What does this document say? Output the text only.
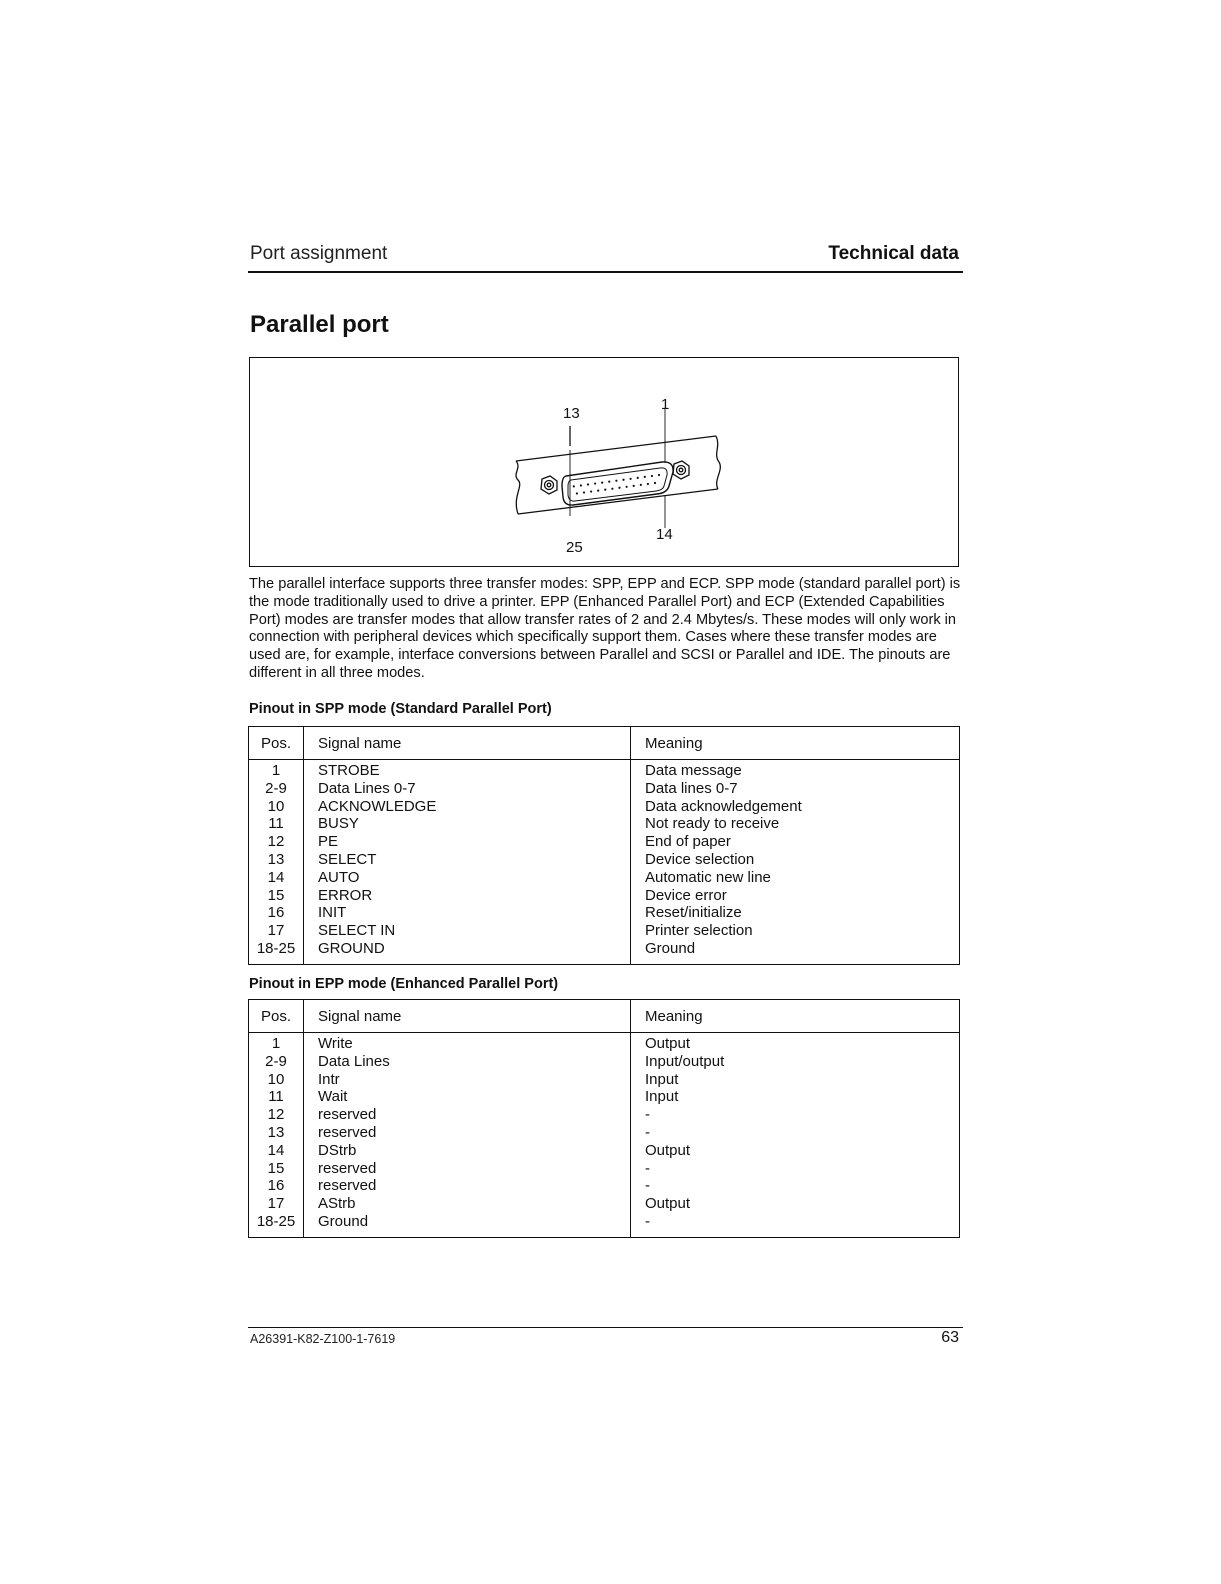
Port assignment	Technical data
Parallel port
13
1
25
14
The parallel interface supports three transfer modes: SPP, EPP and ECP. SPP mode (standard parallel port) is the mode traditionally used to drive a printer. EPP (Enhanced Parallel Port) and ECP (Extended Capabilities Port) modes are transfer modes that allow transfer rates of 2 and 2.4 Mbytes/s. These modes will only work in connection with peripheral devices which specifically support them. Cases where these transfer modes are used are, for example, interface conversions between Parallel and SCSI or Parallel and IDE. The pinouts are different in all three modes.
Pinout in SPP mode (Standard Parallel Port)
Pos.	Signal name	Meaning
1	STROBE	Data message
2-9	Data Lines 0-7	Data lines 0-7
10	ACKNOWLEDGE	Data acknowledgement
11	BUSY	Not ready to receive
12	PE	End of paper
13	SELECT	Device selection
14	AUTO	Automatic new line
15	ERROR	Device error
16	INIT	Reset/initialize
17	SELECT IN	Printer selection
18-25	GROUND	Ground
Pinout in EPP mode (Enhanced Parallel Port)
Pos.	Signal name	Meaning
1	Write	Output
2-9	Data Lines	Input/output
10	Intr	Input
11	Wait	Input
12	reserved	-
13	reserved	-
14	DStrb	Output
15	reserved	-
16	reserved	-
17	AStrb	Output
18-25	Ground	-
A26391-K82-Z100-1-7619	63
